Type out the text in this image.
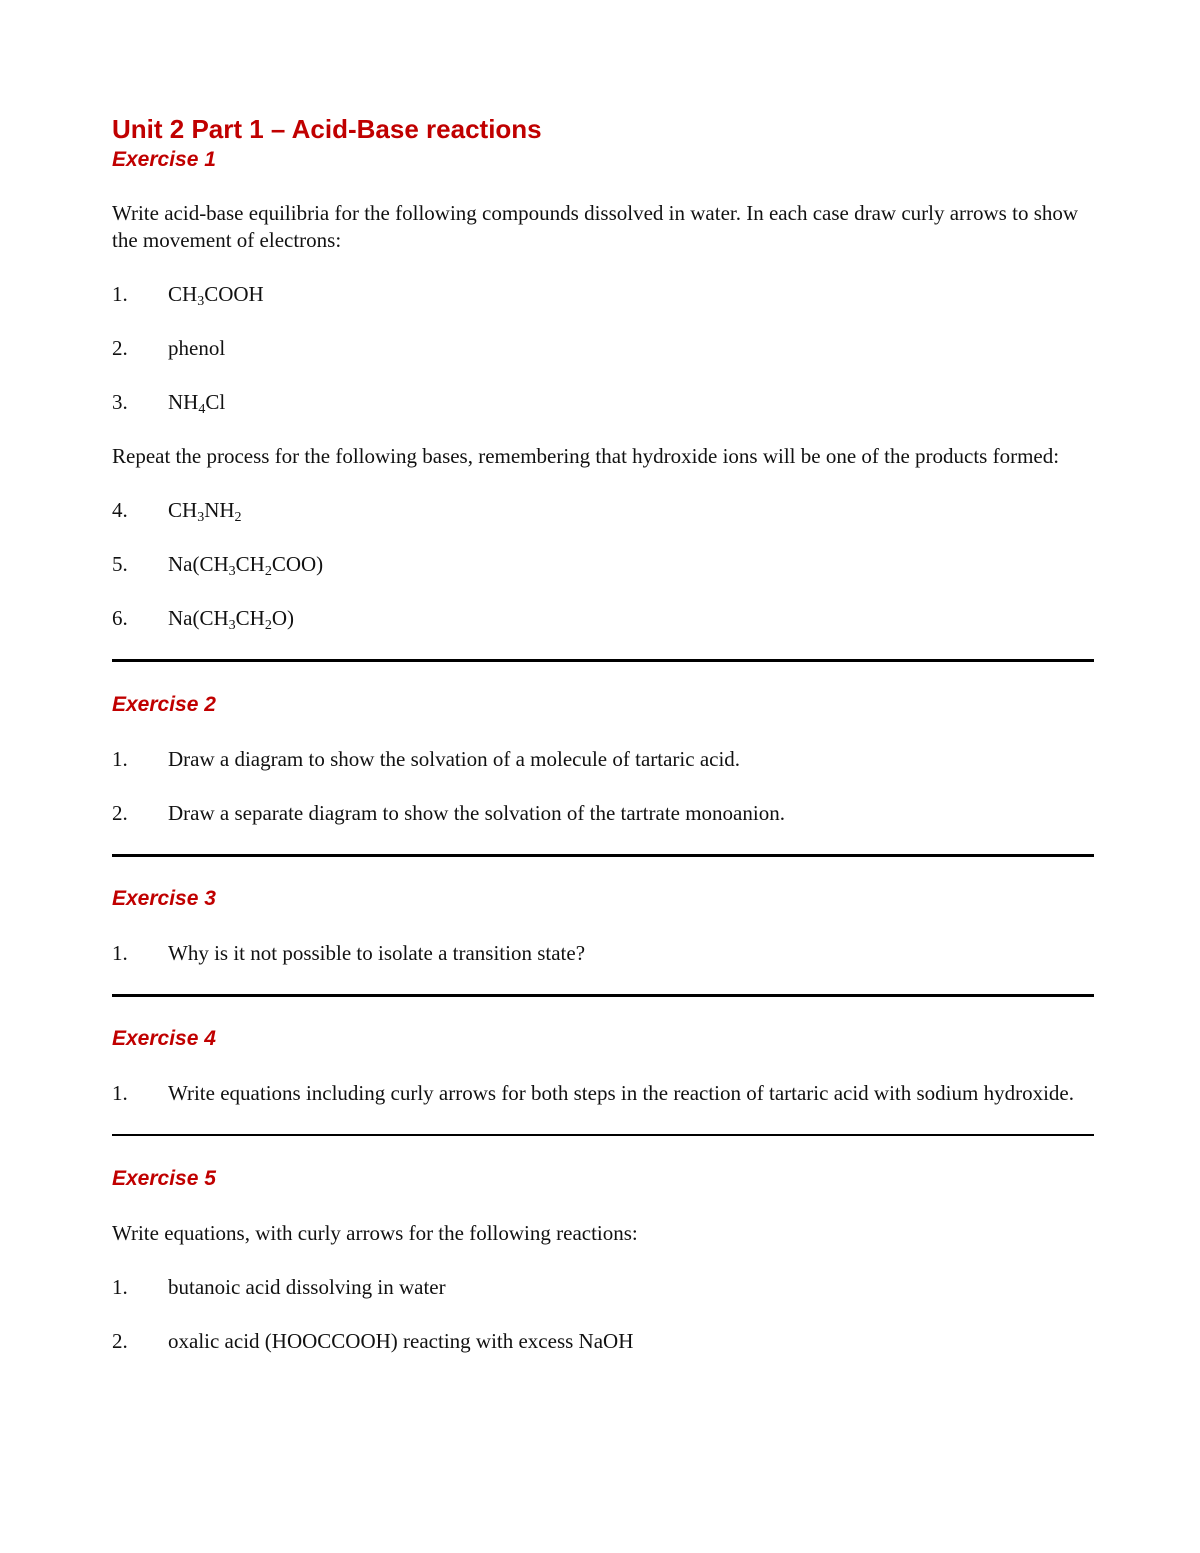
Unit 2 Part 1 – Acid-Base reactions
Exercise 1

Write acid-base equilibria for the following compounds dissolved in water. In each case draw curly arrows to show the movement of electrons:

1.	$CH_3COOH$
2.	phenol
3.	$NH_4Cl$

Repeat the process for the following bases, remembering that hydroxide ions will be one of the products formed:

4.	$CH_3NH_2$
5.	$Na(CH_3CH_2COO)$
6.	$Na(CH_3CH_2O)$
Exercise 2
1.	Draw a diagram to show the solvation of a molecule of tartaric acid.
2.	Draw a separate diagram to show the solvation of the tartrate monoanion.
Exercise 3
1.	Why is it not possible to isolate a transition state?
Exercise 4
1.	Write equations including curly arrows for both steps in the reaction of tartaric acid with sodium hydroxide.
Exercise 5

Write equations, with curly arrows for the following reactions:

1.	butanoic acid dissolving in water
2.	oxalic acid (HOOCCOOH) reacting with excess NaOH
